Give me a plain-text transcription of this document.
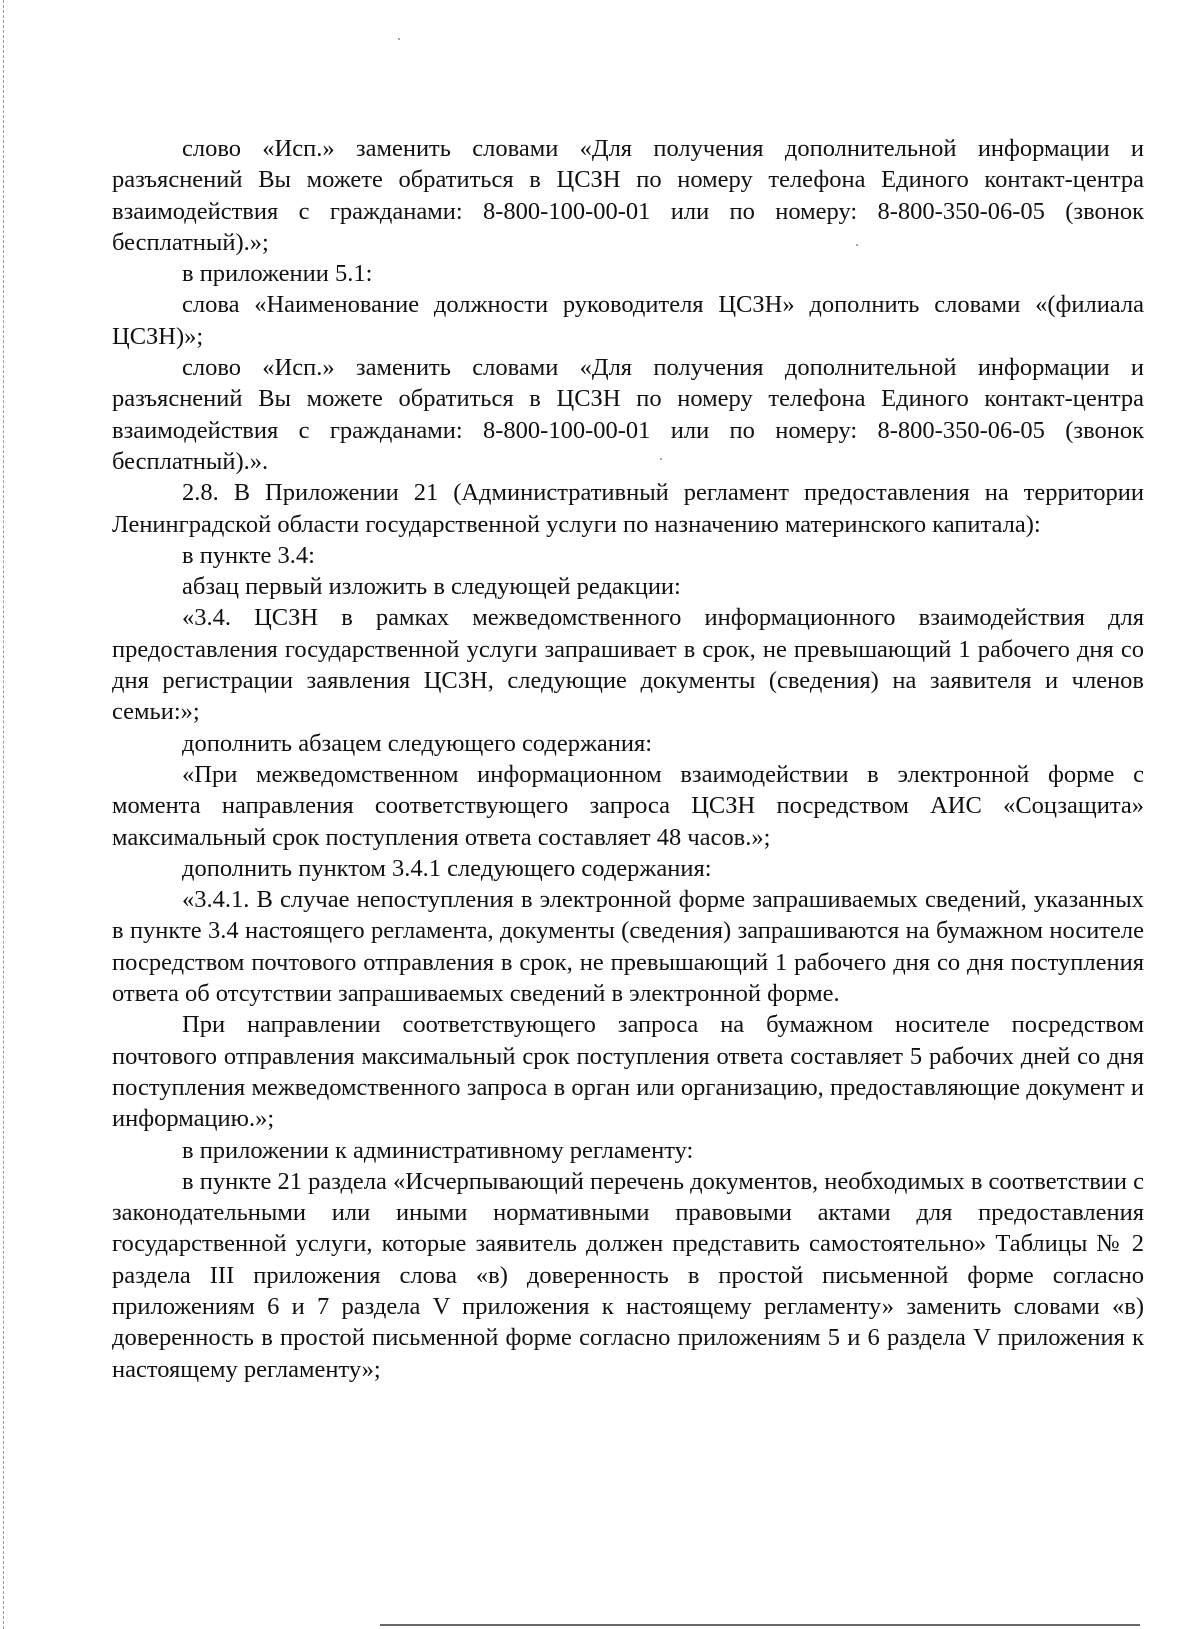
слово «Исп.» заменить словами «Для получения дополнительной информации и разъяснений Вы можете обратиться в ЦСЗН по номеру телефона Единого контакт-центра взаимодействия с гражданами: 8-800-100-00-01 или по номеру: 8-800-350-06-05 (звонок бесплатный).»;

в приложении 5.1:

слова «Наименование должности руководителя ЦСЗН» дополнить словами «(филиала ЦСЗН)»;

слово «Исп.» заменить словами «Для получения дополнительной информации и разъяснений Вы можете обратиться в ЦСЗН по номеру телефона Единого контакт-центра взаимодействия с гражданами: 8-800-100-00-01 или по номеру: 8-800-350-06-05 (звонок бесплатный).».

2.8. В Приложении 21 (Административный регламент предоставления на территории Ленинградской области государственной услуги по назначению материнского капитала):

в пункте 3.4:

абзац первый изложить в следующей редакции:

«3.4. ЦСЗН в рамках межведомственного информационного взаимодействия для предоставления государственной услуги запрашивает в срок, не превышающий 1 рабочего дня со дня регистрации заявления ЦСЗН, следующие документы (сведения) на заявителя и членов семьи:»;

дополнить абзацем следующего содержания:

«При межведомственном информационном взаимодействии в электронной форме с момента направления соответствующего запроса ЦСЗН посредством АИС «Соцзащита» максимальный срок поступления ответа составляет 48 часов.»;

дополнить пунктом 3.4.1 следующего содержания:

«3.4.1. В случае непоступления в электронной форме запрашиваемых сведений, указанных в пункте 3.4 настоящего регламента, документы (сведения) запрашиваются на бумажном носителе посредством почтового отправления в срок, не превышающий 1 рабочего дня со дня поступления ответа об отсутствии запрашиваемых сведений в электронной форме.

При направлении соответствующего запроса на бумажном носителе посредством почтового отправления максимальный срок поступления ответа составляет 5 рабочих дней со дня поступления межведомственного запроса в орган или организацию, предоставляющие документ и информацию.»;

в приложении к административному регламенту:

в пункте 21 раздела «Исчерпывающий перечень документов, необходимых в соответствии с законодательными или иными нормативными правовыми актами для предоставления государственной услуги, которые заявитель должен представить самостоятельно» Таблицы № 2 раздела III приложения слова «в) доверенность в простой письменной форме согласно приложениям 6 и 7 раздела V приложения к настоящему регламенту» заменить словами «в) доверенность в простой письменной форме согласно приложениям 5 и 6 раздела V приложения к настоящему регламенту»;
